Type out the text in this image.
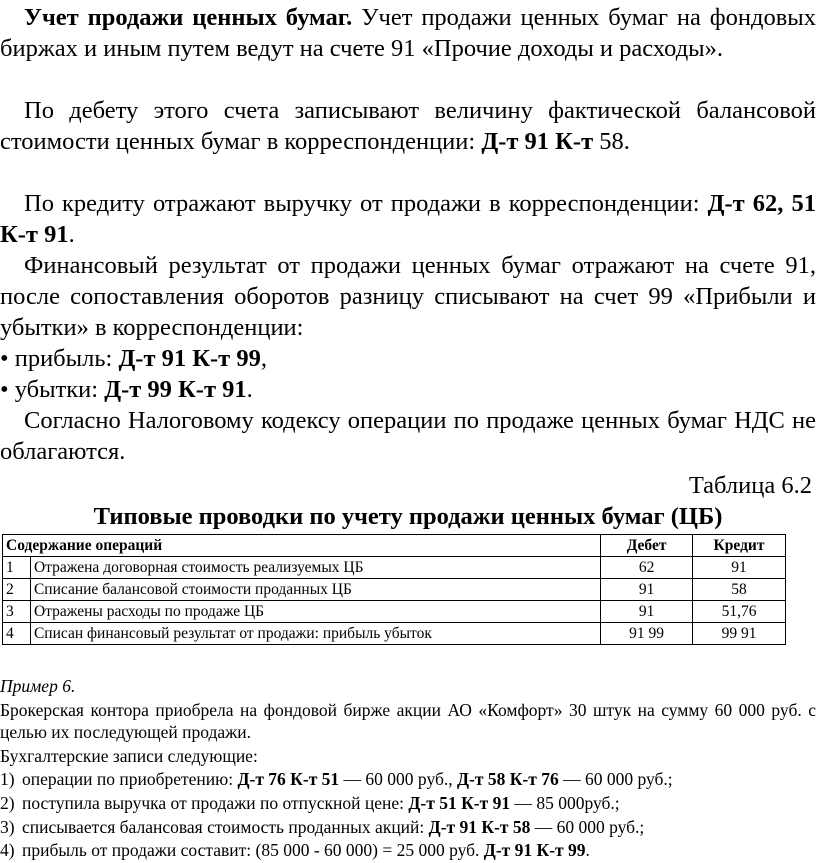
Учет продажи ценных бумаг. Учет продажи ценных бумаг на фондовых биржах и иным путем ведут на счете 91 «Прочие доходы и расходы».

По дебету этого счета записывают величину фактической балансовой стоимости ценных бумаг в корреспонденции: Д-т 91 К-т 58.

По кредиту отражают выручку от продажи в корреспонденции: Д-т 62, 51 К-т 91.

Финансовый результат от продажи ценных бумаг отражают на счете 91, после сопоставления оборотов разницу списывают на счет 99 «Прибыли и убытки» в корреспонденции:

• прибыль: Д-т 91 К-т 99,
• убытки: Д-т 99 К-т 91.

Согласно Налоговому кодексу операции по продаже ценных бумаг НДС не облагаются.

Таблица 6.2
Типовые проводки по учету продажи ценных бумаг (ЦБ)
Содержание операций		Дебет	Кредит
1	Отражена договорная стоимость реализуемых ЦБ	62	91
2	Списание балансовой стоимости проданных ЦБ	91	58
3	Отражены расходы по продаже ЦБ	91	51,76
4	Списан финансовый результат от продажи: прибыль убыток	91 99	99 91
Пример 6.

Брокерская контора приобрела на фондовой бирже акции АО «Комфорт» 30 штук на сумму 60 000 руб. с целью их последующей продажи.

Бухгалтерские записи следующие:
1) операции по приобретению: Д-т 76 К-т 51 — 60 000 руб., Д-т 58 К-т 76 — 60 000 руб.;
2) поступила выручка от продажи по отпускной цене: Д-т 51 К-т 91 — 85 000руб.;
3) списывается балансовая стоимость проданных акций: Д-т 91 К-т 58 — 60 000 руб.;
4) прибыль от продажи составит: (85 000 - 60 000) = 25 000 руб. Д-т 91 К-т 99.
